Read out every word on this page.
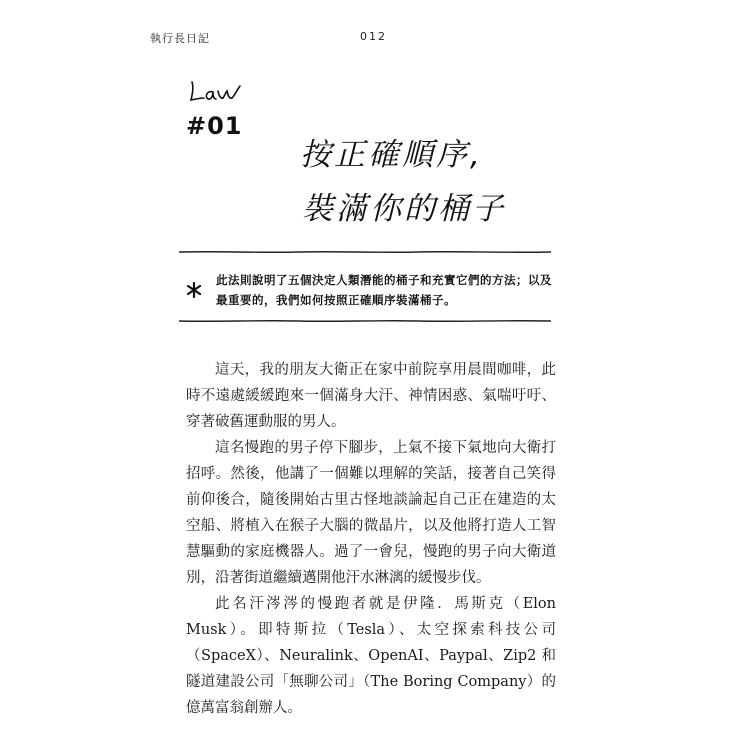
執行長日記	012
#01
按正確順序,
裝滿你的桶子
此法則說明了五個決定人類潛能的桶子和充實它們的方法；以及最重要的，我們如何按照正確順序裝滿桶子。

這天，我的朋友大衛正在家中前院享用晨間咖啡，此時不遠處緩緩跑來一個滿身大汗、神情困惑、氣喘吁吁、穿著破舊運動服的男人。

這名慢跑的男子停下腳步，上氣不接下氣地向大衛打招呼。然後，他講了一個難以理解的笑話，接著自己笑得前仰後合，隨後開始古里古怪地談論起自己正在建造的太空船、將植入在猴子大腦的微晶片，以及他將打造人工智慧驅動的家庭機器人。過了一會兒，慢跑的男子向大衛道別，沿著街道繼續邁開他汗水淋漓的緩慢步伐。

此名汗涔涔的慢跑者就是伊隆．馬斯克（Elon Musk）。即特斯拉（Tesla）、太空探索科技公司（SpaceX）、Neuralink、OpenAI、Paypal、Zip2 和隧道建設公司「無聊公司」（The Boring Company）的億萬富翁創辦人。
